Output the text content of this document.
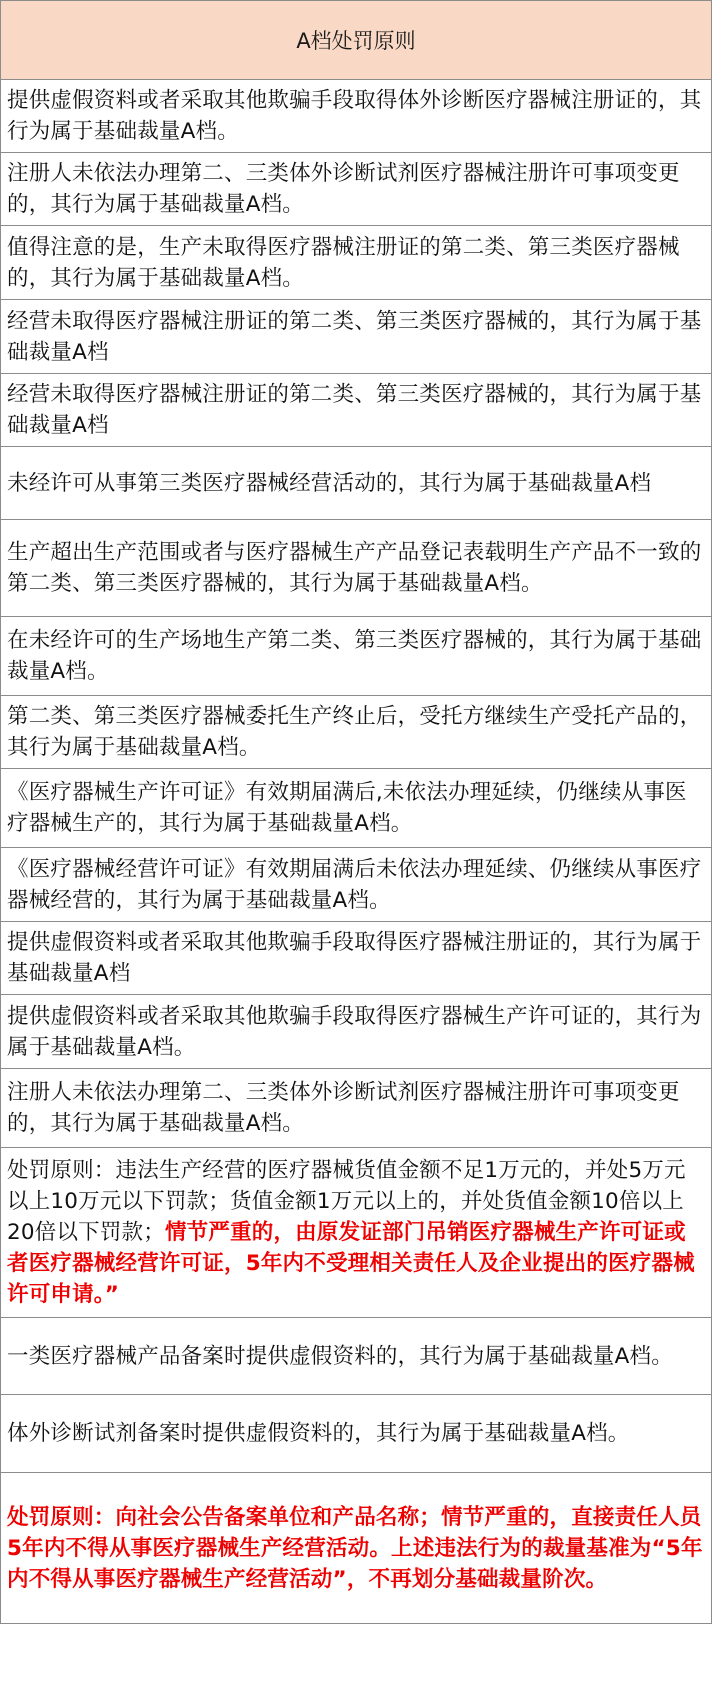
A档处罚原则
提供虚假资料或者采取其他欺骗手段取得体外诊断医疗器械注册证的，其行为属于基础裁量A档。
注册人未依法办理第二、三类体外诊断试剂医疗器械注册许可事项变更的，其行为属于基础裁量A档。
值得注意的是，生产未取得医疗器械注册证的第二类、第三类医疗器械的，其行为属于基础裁量A档。
经营未取得医疗器械注册证的第二类、第三类医疗器械的，其行为属于基础裁量A档
经营未取得医疗器械注册证的第二类、第三类医疗器械的，其行为属于基础裁量A档
未经许可从事第三类医疗器械经营活动的，其行为属于基础裁量A档
生产超出生产范围或者与医疗器械生产产品登记表载明生产产品不一致的第二类、第三类医疗器械的，其行为属于基础裁量A档。
在未经许可的生产场地生产第二类、第三类医疗器械的，其行为属于基础裁量A档。
第二类、第三类医疗器械委托生产终止后，受托方继续生产受托产品的，其行为属于基础裁量A档。
《医疗器械生产许可证》有效期届满后,未依法办理延续，仍继续从事医疗器械生产的，其行为属于基础裁量A档。
《医疗器械经营许可证》有效期届满后未依法办理延续、仍继续从事医疗器械经营的，其行为属于基础裁量A档。
提供虚假资料或者采取其他欺骗手段取得医疗器械注册证的，其行为属于基础裁量A档
提供虚假资料或者采取其他欺骗手段取得医疗器械生产许可证的，其行为属于基础裁量A档。
注册人未依法办理第二、三类体外诊断试剂医疗器械注册许可事项变更的，其行为属于基础裁量A档。
处罚原则：违法生产经营的医疗器械货值金额不足1万元的，并处5万元以上10万元以下罚款；货值金额1万元以上的，并处货值金额10倍以上20倍以下罚款；情节严重的，由原发证部门吊销医疗器械生产许可证或者医疗器械经营许可证，5年内不受理相关责任人及企业提出的医疗器械许可申请。”
一类医疗器械产品备案时提供虚假资料的，其行为属于基础裁量A档。
体外诊断试剂备案时提供虚假资料的，其行为属于基础裁量A档。
处罚原则：向社会公告备案单位和产品名称；情节严重的，直接责任人员5年内不得从事医疗器械生产经营活动。上述违法行为的裁量基准为“5年内不得从事医疗器械生产经营活动”，不再划分基础裁量阶次。
